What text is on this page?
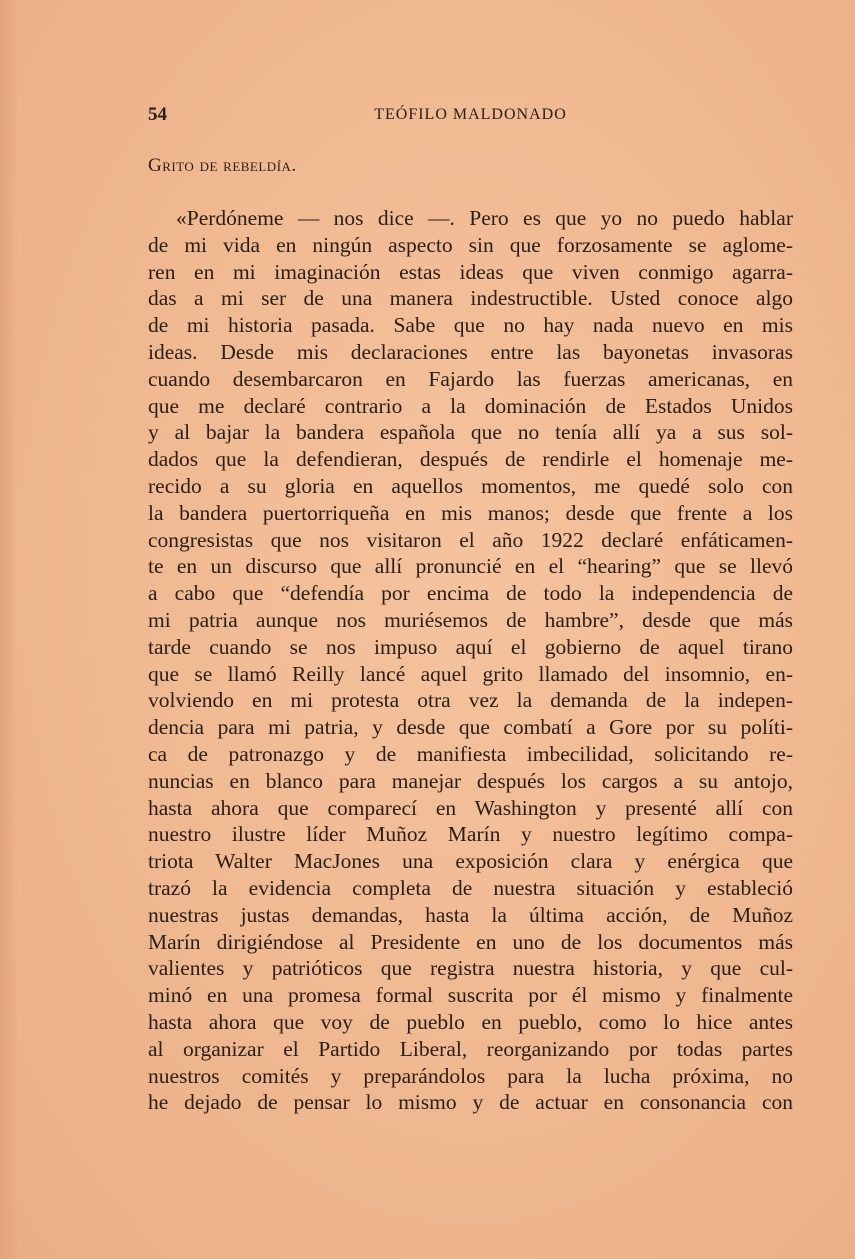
54	TEÓFILO MALDONADO
Grito de rebeldía.
«Perdóneme — nos dice —. Pero es que yo no puedo hablar
de mi vida en ningún aspecto sin que forzosamente se aglome-
ren en mi imaginación estas ideas que viven conmigo agarra-
das a mi ser de una manera indestructible. Usted conoce algo
de mi historia pasada. Sabe que no hay nada nuevo en mis
ideas. Desde mis declaraciones entre las bayonetas invasoras
cuando desembarcaron en Fajardo las fuerzas americanas, en
que me declaré contrario a la dominación de Estados Unidos
y al bajar la bandera española que no tenía allí ya a sus sol-
dados que la defendieran, después de rendirle el homenaje me-
recido a su gloria en aquellos momentos, me quedé solo con
la bandera puertorriqueña en mis manos; desde que frente a los
congresistas que nos visitaron el año 1922 declaré enfáticamen-
te en un discurso que allí pronuncié en el “hearing” que se llevó
a cabo que “defendía por encima de todo la independencia de
mi patria aunque nos muriésemos de hambre”, desde que más
tarde cuando se nos impuso aquí el gobierno de aquel tirano
que se llamó Reilly lancé aquel grito llamado del insomnio, en-
volviendo en mi protesta otra vez la demanda de la indepen-
dencia para mi patria, y desde que combatí a Gore por su políti-
ca de patronazgo y de manifiesta imbecilidad, solicitando re-
nuncias en blanco para manejar después los cargos a su antojo,
hasta ahora que comparecí en Washington y presenté allí con
nuestro ilustre líder Muñoz Marín y nuestro legítimo compa-
triota Walter MacJones una exposición clara y enérgica que
trazó la evidencia completa de nuestra situación y estableció
nuestras justas demandas, hasta la última acción, de Muñoz
Marín dirigiéndose al Presidente en uno de los documentos más
valientes y patrióticos que registra nuestra historia, y que cul-
minó en una promesa formal suscrita por él mismo y finalmente
hasta ahora que voy de pueblo en pueblo, como lo hice antes
al organizar el Partido Liberal, reorganizando por todas partes
nuestros comités y preparándolos para la lucha próxima, no
he dejado de pensar lo mismo y de actuar en consonancia con
